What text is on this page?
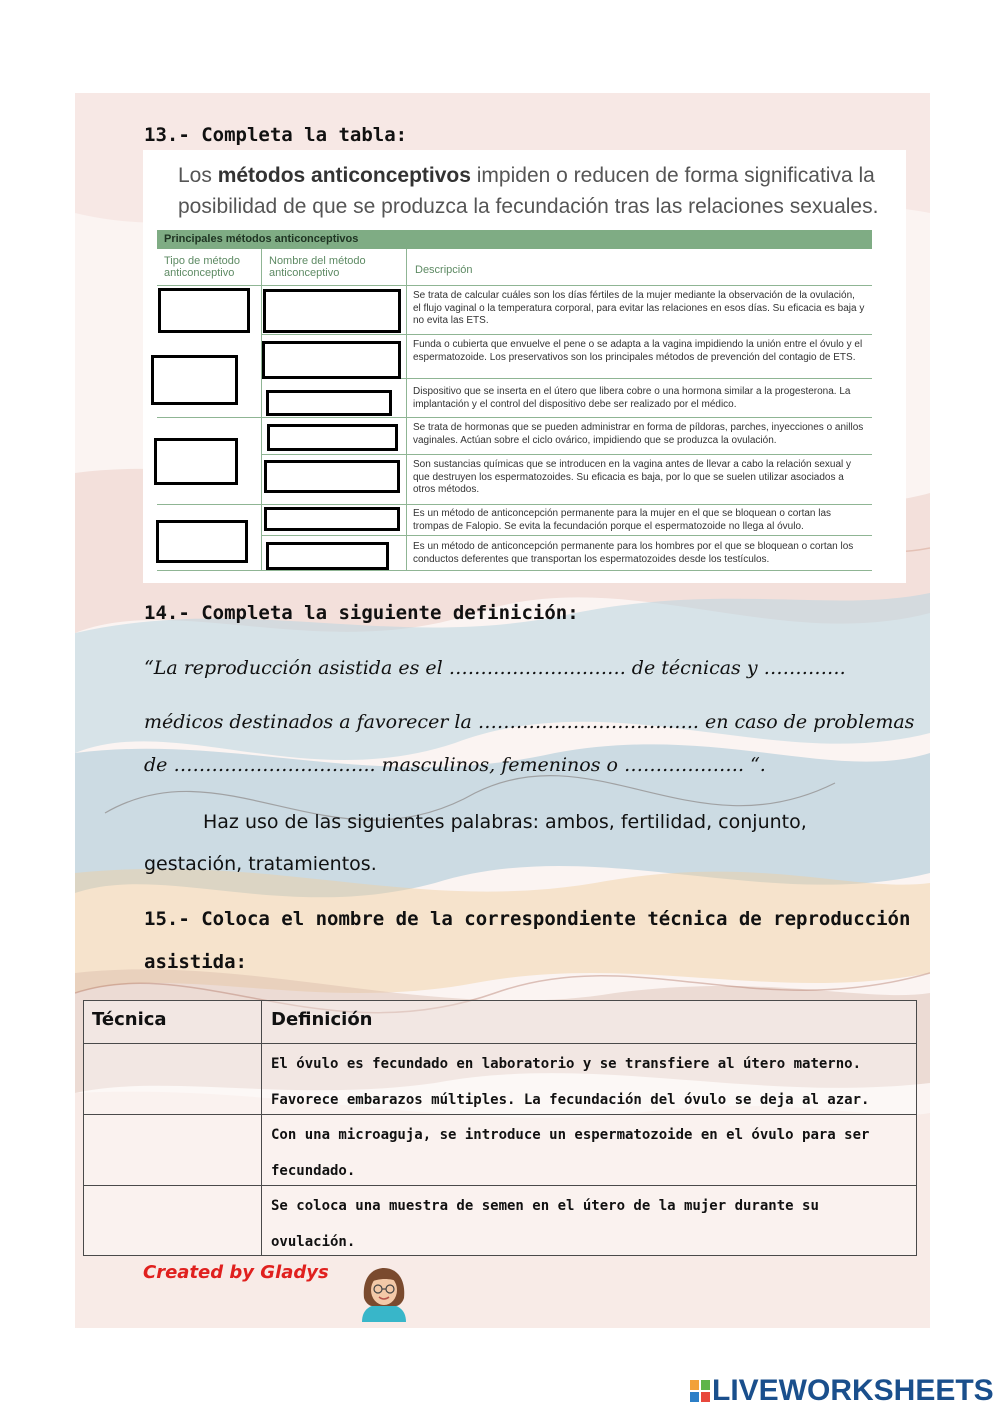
13.- Completa la tabla:
Los métodos anticonceptivos impiden o reducen de forma significativa la posibilidad de que se produzca la fecundación tras las relaciones sexuales.
Principales métodos anticonceptivos
Tipo de método anticonceptivo
Nombre del método anticonceptivo	Descripción
Se trata de calcular cuáles son los días fértiles de la mujer mediante la observación de la ovulación, el flujo vaginal o la temperatura corporal, para evitar las relaciones en esos días. Su eficacia es baja y no evita las ETS.
Funda o cubierta que envuelve el pene o se adapta a la vagina impidiendo la unión entre el óvulo y el espermatozoide. Los preservativos son los principales métodos de prevención del contagio de ETS.
Dispositivo que se inserta en el útero que libera cobre o una hormona similar a la progesterona. La implantación y el control del dispositivo debe ser realizado por el médico.
Se trata de hormonas que se pueden administrar en forma de píldoras, parches, inyecciones o anillos vaginales. Actúan sobre el ciclo ovárico, impidiendo que se produzca la ovulación.
Son sustancias químicas que se introducen en la vagina antes de llevar a cabo la relación sexual y que destruyen los espermatozoides. Su eficacia es baja, por lo que se suelen utilizar asociados a otros métodos.
Es un método de anticoncepción permanente para la mujer en el que se bloquean o cortan las trompas de Falopio. Se evita la fecundación porque el espermatozoide no llega al óvulo.
Es un método de anticoncepción permanente para los hombres por el que se bloquean o cortan los conductos deferentes que transportan los espermatozoides desde los testículos.
14.- Completa la siguiente definición:
“La reproducción asistida es el ………………………. de técnicas y ………….
médicos destinados a favorecer la …………………………….. en caso de problemas
de ………………………….. masculinos, femeninos o ………………. “.
Haz uso de las siguientes palabras: ambos, fertilidad, conjunto,
gestación, tratamientos.
15.- Coloca el nombre de la correspondiente técnica de reproducción
asistida:
Técnica	Definición
El óvulo es fecundado en laboratorio y se transfiere al útero materno.
Favorece embarazos múltiples. La fecundación del óvulo se deja al azar.
Con una microaguja, se introduce un espermatozoide en el óvulo para ser
fecundado.
Se coloca una muestra de semen en el útero de la mujer durante su
ovulación.
Created by Gladys
LIVEWORKSHEETS
